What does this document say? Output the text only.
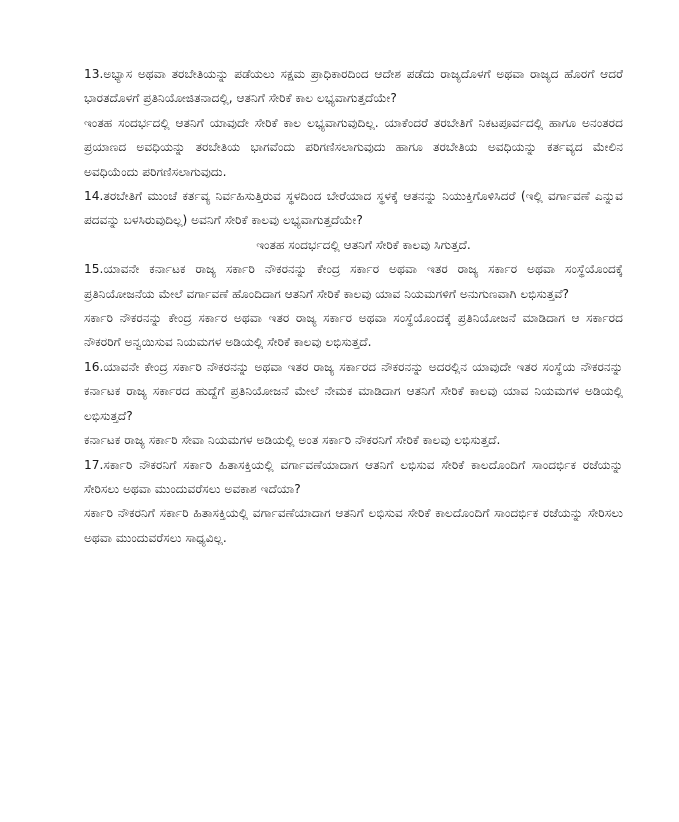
13.ಅಭ್ಯಾಸ ಅಥವಾ ತರಬೇತಿಯನ್ನು ಪಡೆಯಲು ಸಕ್ಷಮ ಪ್ರಾಧಿಕಾರದಿಂದ ಆದೇಶ ಪಡೆದು ರಾಜ್ಯದೊಳಗೆ ಅಥವಾ ರಾಜ್ಯದ ಹೊರಗೆ ಆದರೆ ಭಾರತದೊಳಗೆ ಪ್ರತಿನಿಯೋಜಿತನಾದಲ್ಲಿ, ಆತನಿಗೆ ಸೇರಿಕೆ ಕಾಲ ಲಭ್ಯವಾಗುತ್ತದೆಯೇ?

ಇಂತಹ ಸಂದರ್ಭದಲ್ಲಿ ಆತನಿಗೆ ಯಾವುದೇ ಸೇರಿಕೆ ಕಾಲ ಲಭ್ಯವಾಗುವುದಿಲ್ಲ. ಯಾಕೆಂದರೆ ತರಬೇತಿಗೆ ನಿಕಟಪೂರ್ವದಲ್ಲಿ ಹಾಗೂ ಅನಂತರದ ಪ್ರಯಾಣದ ಅವಧಿಯನ್ನು ತರಬೇತಿಯ ಭಾಗವೆಂದು ಪರಿಗಣಿಸಲಾಗುವುದು ಹಾಗೂ ತರಬೇತಿಯ ಅವಧಿಯನ್ನು ಕರ್ತವ್ಯದ ಮೇಲಿನ ಅವಧಿಯೆಂದು ಪರಿಗಣಿಸಲಾಗುವುದು.

14.ತರಬೇತಿಗೆ ಮುಂಚೆ ಕರ್ತವ್ಯ ನಿರ್ವಹಿಸುತ್ತಿರುವ ಸ್ಥಳದಿಂದ ಬೇರೆಯಾದ ಸ್ಥಳಕ್ಕೆ ಆತನನ್ನು ನಿಯುಕ್ತಿಗೊಳಿಸಿದರೆ (ಇಲ್ಲಿ ವರ್ಗಾವಣೆ ಎನ್ನುವ ಪದವನ್ನು ಬಳಸಿರುವುದಿಲ್ಲ) ಅವನಿಗೆ ಸೇರಿಕೆ ಕಾಲವು ಲಭ್ಯವಾಗುತ್ತದೆಯೇ?

ಇಂತಹ ಸಂದರ್ಭದಲ್ಲಿ ಆತನಿಗೆ ಸೇರಿಕೆ ಕಾಲವು ಸಿಗುತ್ತದೆ.

15.ಯಾವನೇ ಕರ್ನಾಟಕ ರಾಜ್ಯ ಸರ್ಕಾರಿ ನೌಕರನನ್ನು ಕೇಂದ್ರ ಸರ್ಕಾರ ಅಥವಾ ಇತರ ರಾಜ್ಯ ಸರ್ಕಾರ ಅಥವಾ ಸಂಸ್ಥೆಯೊಂದಕ್ಕೆ ಪ್ರತಿನಿಯೋಜನೆಯ ಮೇಲೆ ವರ್ಗಾವಣೆ ಹೊಂದಿದಾಗ ಆತನಿಗೆ ಸೇರಿಕೆ ಕಾಲವು ಯಾವ ನಿಯಮಗಳಿಗೆ ಅನುಗುಣವಾಗಿ ಲಭಿಸುತ್ತವೆ?

ಸರ್ಕಾರಿ ನೌಕರನನ್ನು ಕೇಂದ್ರ ಸರ್ಕಾರ ಅಥವಾ ಇತರ ರಾಜ್ಯ ಸರ್ಕಾರ ಅಥವಾ ಸಂಸ್ಥೆಯೊಂದಕ್ಕೆ ಪ್ರತಿನಿಯೋಜನೆ ಮಾಡಿದಾಗ ಆ ಸರ್ಕಾರದ ನೌಕರರಿಗೆ ಅನ್ವಯಿಸುವ ನಿಯಮಗಳ ಅಡಿಯಲ್ಲಿ ಸೇರಿಕೆ ಕಾಲವು ಲಭಿಸುತ್ತದೆ.

16.ಯಾವನೇ ಕೇಂದ್ರ ಸರ್ಕಾರಿ ನೌಕರನನ್ನು ಅಥವಾ ಇತರ ರಾಜ್ಯ ಸರ್ಕಾರದ ನೌಕರನನ್ನು ಅದರಲ್ಲಿನ ಯಾವುದೇ ಇತರ ಸಂಸ್ಥೆಯ ನೌಕರನನ್ನು ಕರ್ನಾಟಕ ರಾಜ್ಯ ಸರ್ಕಾರದ ಹುದ್ದೆಗೆ ಪ್ರತಿನಿಯೋಜನೆ ಮೇಲೆ ನೇಮಕ ಮಾಡಿದಾಗ ಆತನಿಗೆ ಸೇರಿಕೆ ಕಾಲವು ಯಾವ ನಿಯಮಗಳ ಅಡಿಯಲ್ಲಿ ಲಭಿಸುತ್ತದೆ?

ಕರ್ನಾಟಕ ರಾಜ್ಯ ಸರ್ಕಾರಿ ಸೇವಾ ನಿಯಮಗಳ ಅಡಿಯಲ್ಲಿ ಅಂತ ಸರ್ಕಾರಿ ನೌಕರನಿಗೆ ಸೇರಿಕೆ ಕಾಲವು ಲಭಿಸುತ್ತದೆ.

17.ಸರ್ಕಾರಿ ನೌಕರನಿಗೆ ಸರ್ಕಾರಿ ಹಿತಾಸಕ್ತಿಯಲ್ಲಿ ವರ್ಗಾವಣೆಯಾದಾಗ ಆತನಿಗೆ ಲಭಿಸುವ ಸೇರಿಕೆ ಕಾಲದೊಂದಿಗೆ ಸಾಂದರ್ಭಿಕ ರಜೆಯನ್ನು ಸೇರಿಸಲು ಅಥವಾ ಮುಂದುವರೆಸಲು ಅವಕಾಶ ಇದೆಯಾ?

ಸರ್ಕಾರಿ ನೌಕರನಿಗೆ ಸರ್ಕಾರಿ ಹಿತಾಸಕ್ತಿಯಲ್ಲಿ ವರ್ಗಾವಣೆಯಾದಾಗ ಆತನಿಗೆ ಲಭಿಸುವ ಸೇರಿಕೆ ಕಾಲದೊಂದಿಗೆ ಸಾಂದರ್ಭಿಕ ರಜೆಯನ್ನು ಸೇರಿಸಲು ಅಥವಾ ಮುಂದುವರೆಸಲು ಸಾಧ್ಯವಿಲ್ಲ.
